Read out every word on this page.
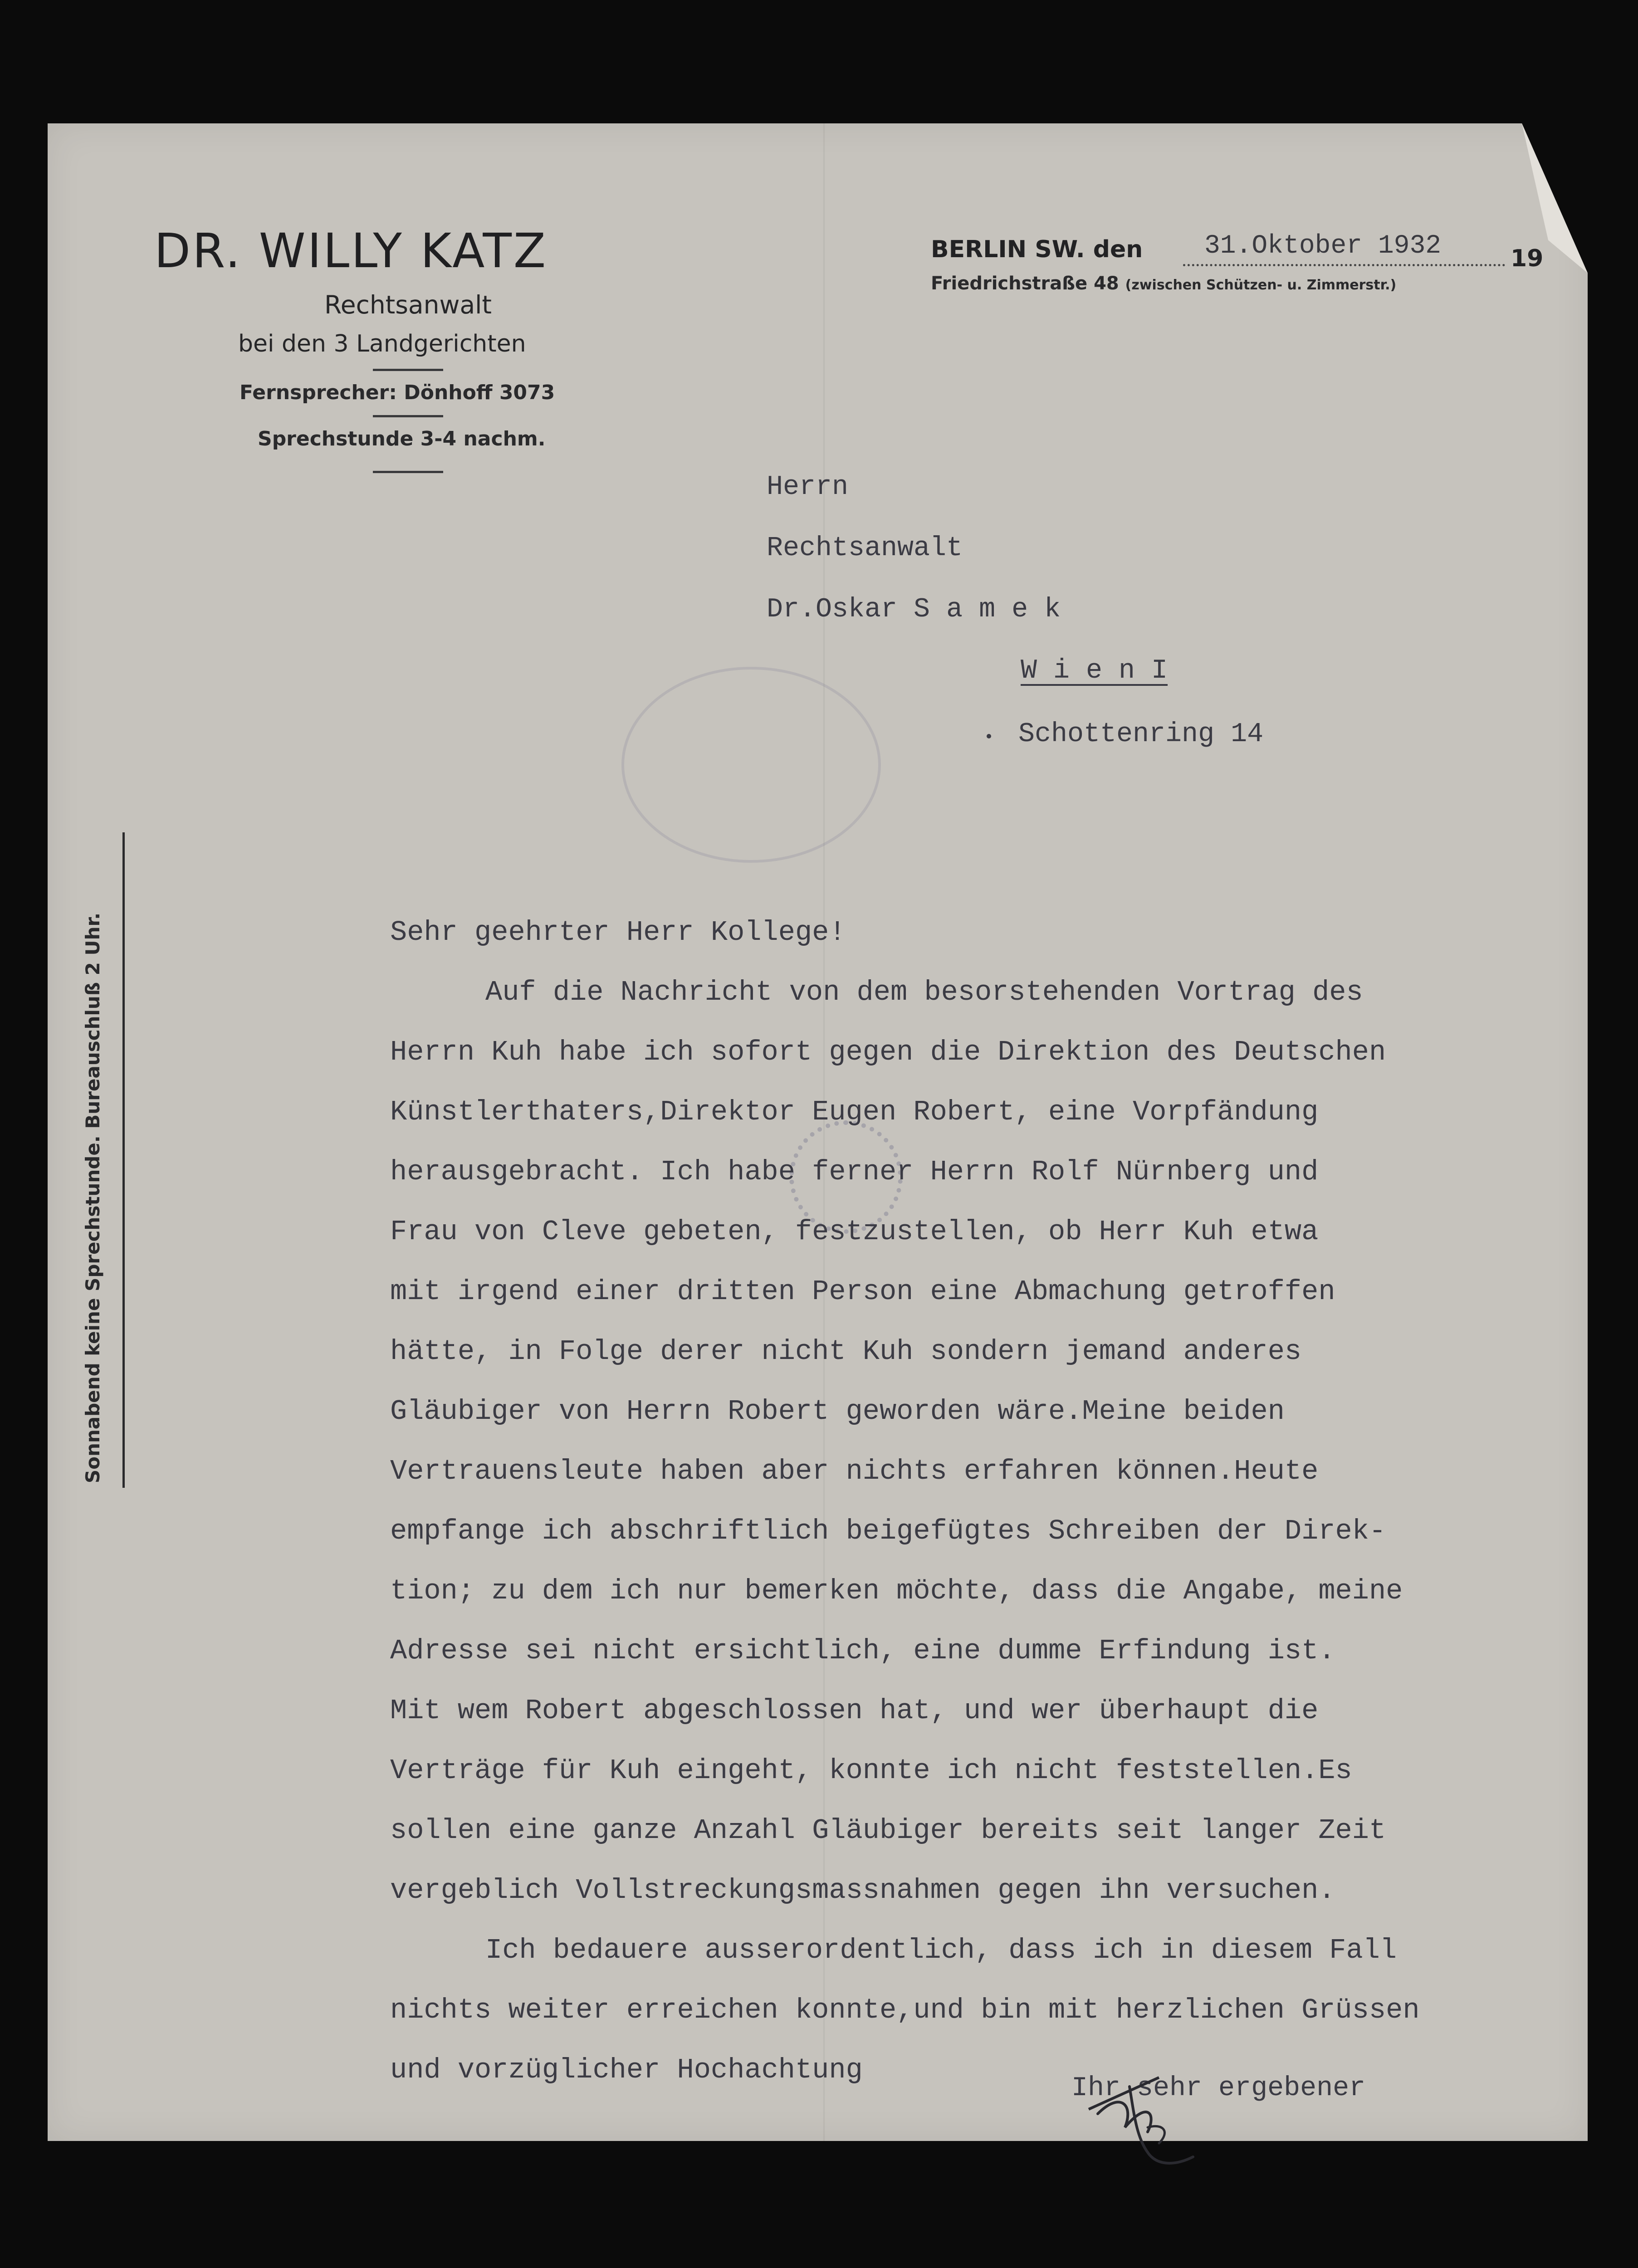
DR. WILLY KATZ
Rechtsanwalt
bei den 3 Landgerichten
Fernsprecher: Dönhoff 3073
Sprechstunde 3-4 nachm.
BERLIN SW. den 31.Oktober 1932	19
Friedrichstraße 48 (zwischen Schützen- u. Zimmerstr.)
Sonnabend keine Sprechstunde. Bureauschluß 2 Uhr.
Herrn
Rechtsanwalt
Dr.Oskar S a m e k
W i e n I
Schottenring 14
Sehr geehrter Herr Kollege!
Auf die Nachricht von dem besorstehenden Vortrag des
Herrn Kuh habe ich sofort gegen die Direktion des Deutschen
Künstlerthaters,Direktor Eugen Robert, eine Vorpfändung
herausgebracht. Ich habe ferner Herrn Rolf Nürnberg und
Frau von Cleve gebeten, festzustellen, ob Herr Kuh etwa
mit irgend einer dritten Person eine Abmachung getroffen
hätte, in Folge derer nicht Kuh sondern jemand anderes
Gläubiger von Herrn Robert geworden wäre.Meine beiden
Vertrauensleute haben aber nichts erfahren können.Heute
empfange ich abschriftlich beigefügtes Schreiben der Direk-
tion; zu dem ich nur bemerken möchte, dass die Angabe, meine
Adresse sei nicht ersichtlich, eine dumme Erfindung ist.
Mit wem Robert abgeschlossen hat, und wer überhaupt die
Verträge für Kuh eingeht, konnte ich nicht feststellen.Es
sollen eine ganze Anzahl Gläubiger bereits seit langer Zeit
vergeblich Vollstreckungsmassnahmen gegen ihn versuchen.
Ich bedauere ausserordentlich, dass ich in diesem Fall
nichts weiter erreichen konnte,und bin mit herzlichen Grüssen
und vorzüglicher Hochachtung
Ihr sehr ergebener
